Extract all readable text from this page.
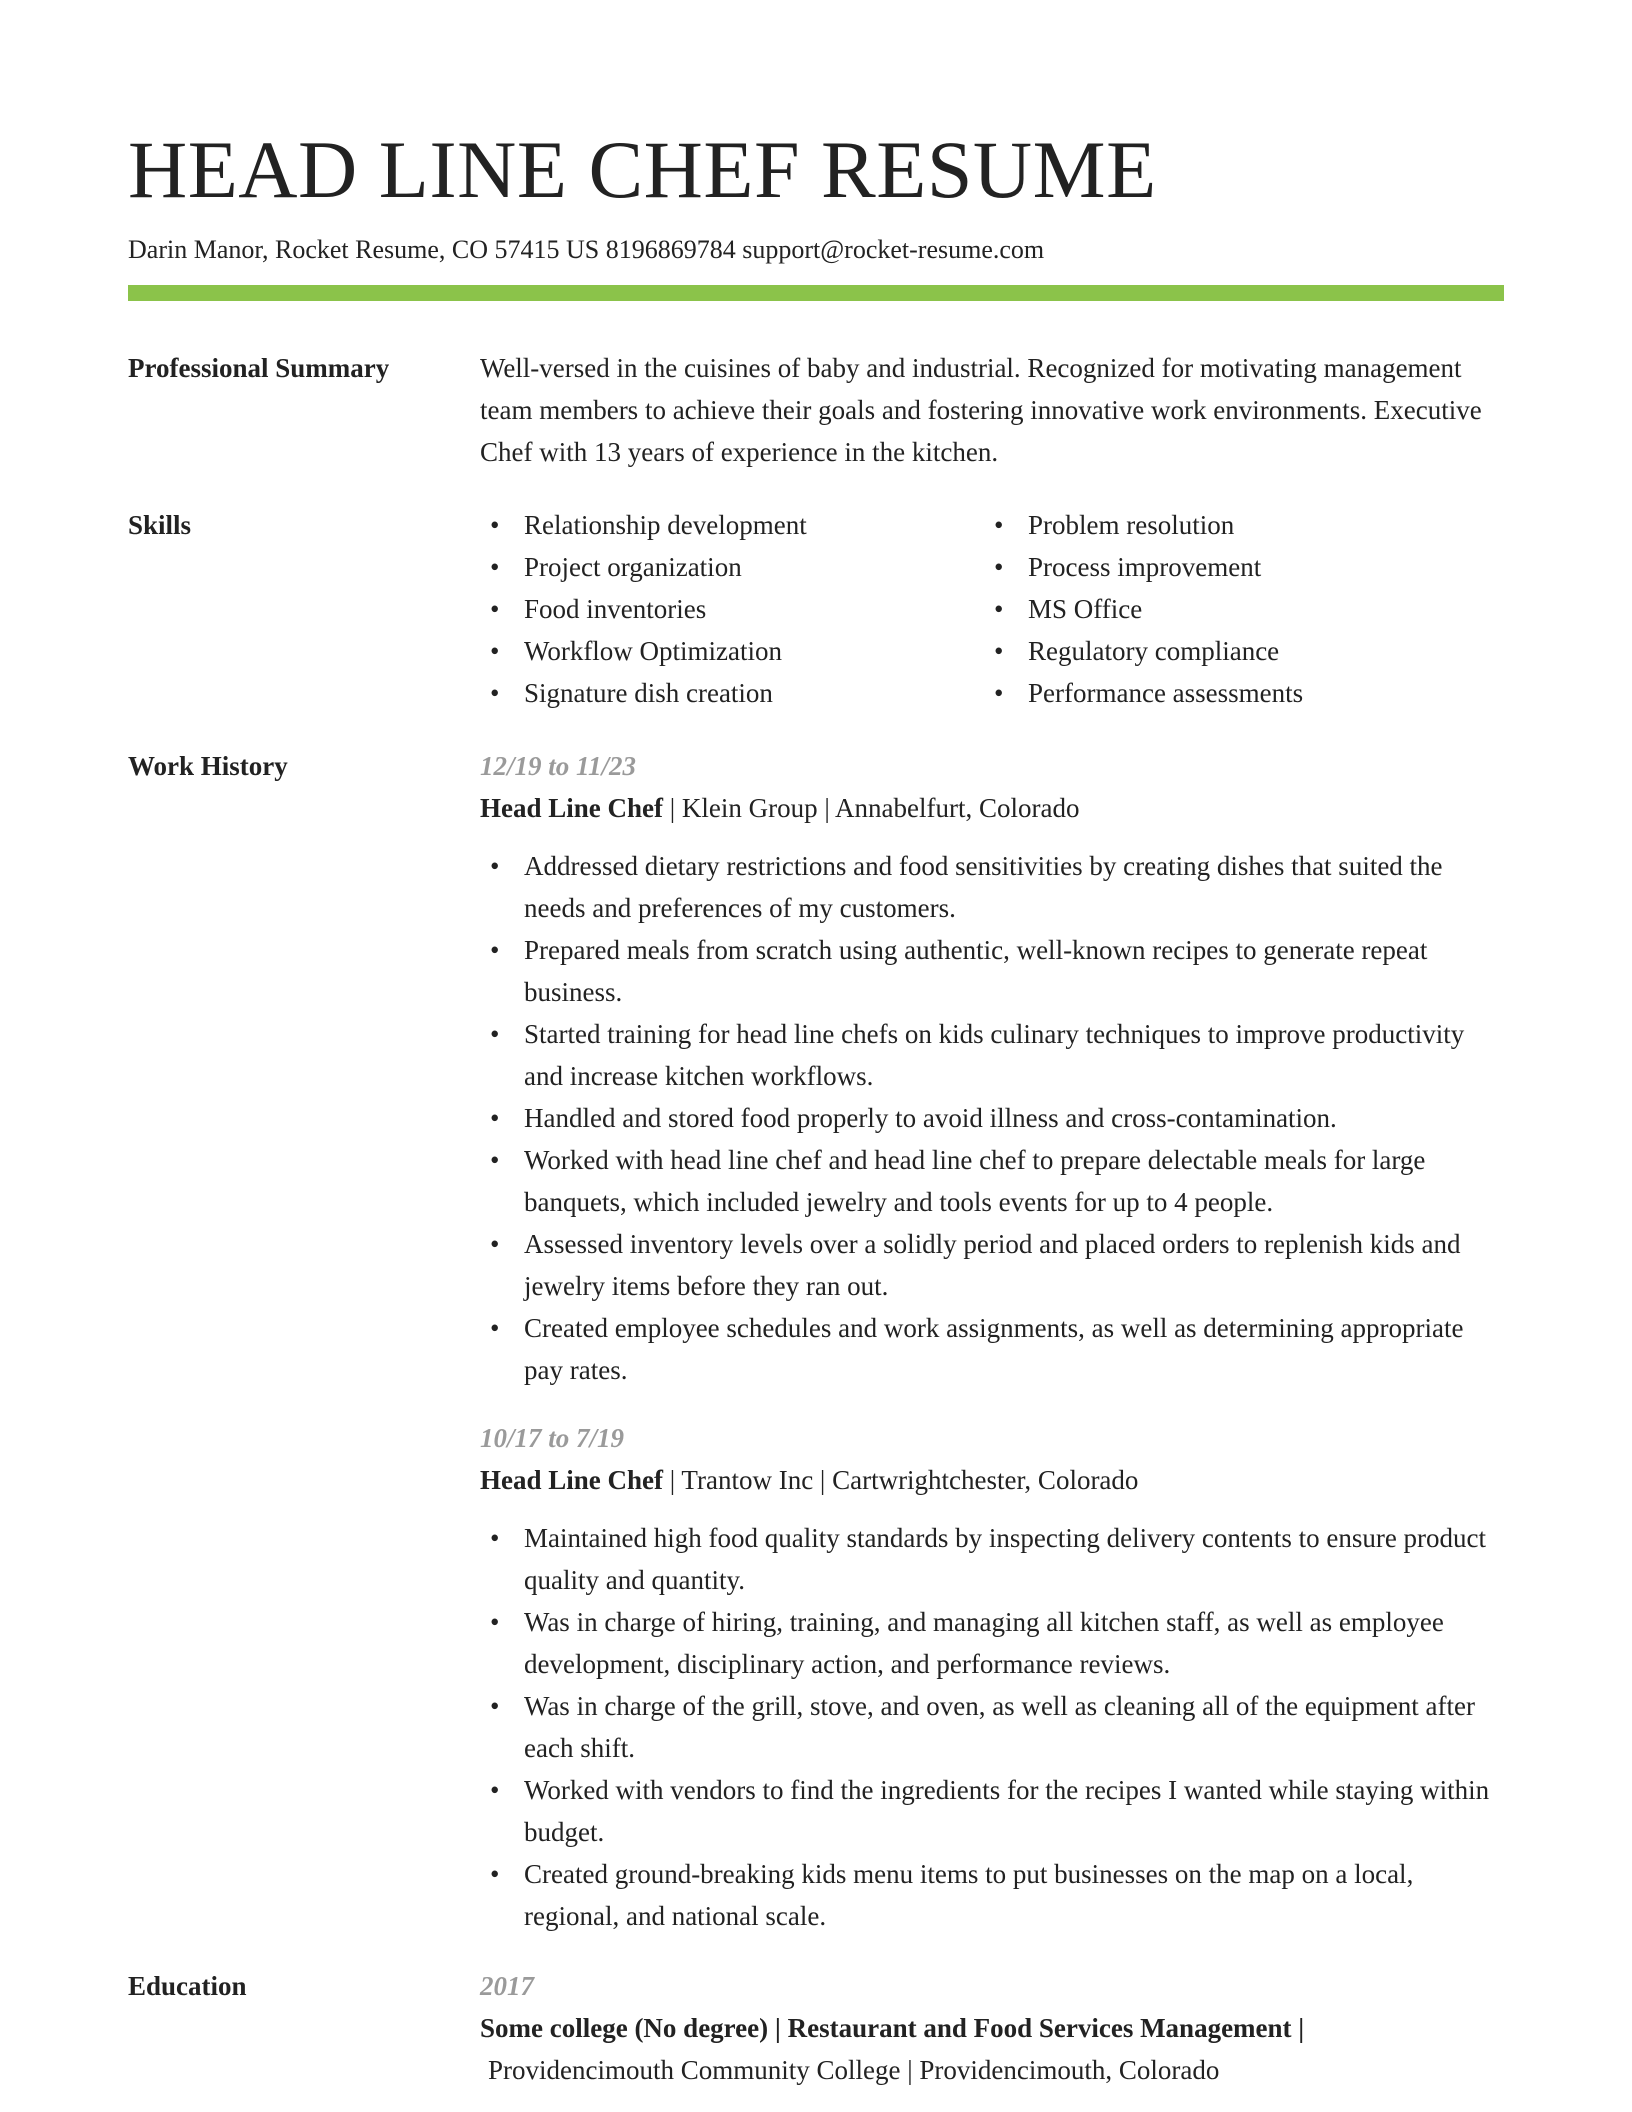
HEAD LINE CHEF RESUME
Darin Manor, Rocket Resume, CO 57415 US 8196869784 support@rocket-resume.com
Professional Summary	Well-versed in the cuisines of baby and industrial. Recognized for motivating management team members to achieve their goals and fostering innovative work environments. Executive Chef with 13 years of experience in the kitchen.
Skills
•	Relationship development
• Project organization
• Food inventories
• Workflow Optimization
• Signature dish creation
• Problem resolution
• Process improvement
• MS Office
• Regulatory compliance
• Performance assessments
Work History	12/19 to 11/23
Head Line Chef | Klein Group | Annabelfurt, Colorado
• Addressed dietary restrictions and food sensitivities by creating dishes that suited the needs and preferences of my customers.
• Prepared meals from scratch using authentic, well-known recipes to generate repeat business.
• Started training for head line chefs on kids culinary techniques to improve productivity and increase kitchen workflows.
• Handled and stored food properly to avoid illness and cross-contamination.
• Worked with head line chef and head line chef to prepare delectable meals for large banquets, which included jewelry and tools events for up to 4 people.
• Assessed inventory levels over a solidly period and placed orders to replenish kids and jewelry items before they ran out.
• Created employee schedules and work assignments, as well as determining appropriate pay rates.
10/17 to 7/19
Head Line Chef | Trantow Inc | Cartwrightchester, Colorado
• Maintained high food quality standards by inspecting delivery contents to ensure product quality and quantity.
• Was in charge of hiring, training, and managing all kitchen staff, as well as employee development, disciplinary action, and performance reviews.
• Was in charge of the grill, stove, and oven, as well as cleaning all of the equipment after each shift.
• Worked with vendors to find the ingredients for the recipes I wanted while staying within budget.
• Created ground-breaking kids menu items to put businesses on the map on a local, regional, and national scale.
Education	2017
Some college (No degree) | Restaurant and Food Services Management |
Providencimouth Community College | Providencimouth, Colorado
